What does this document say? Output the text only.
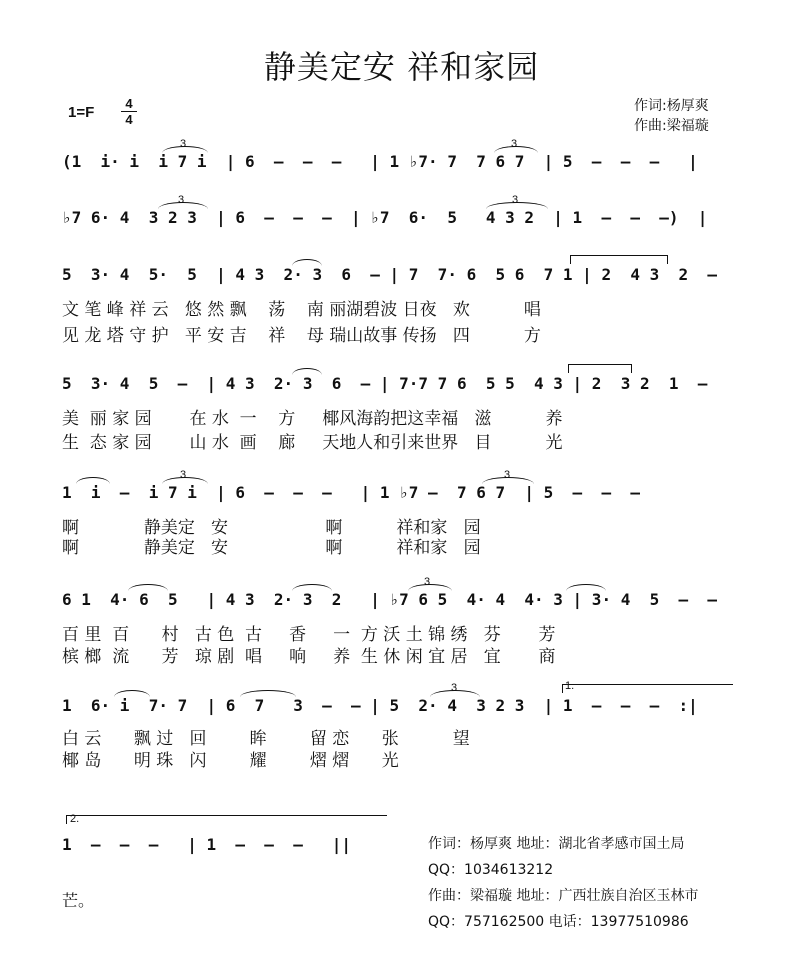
静美定安 祥和家园
1=F
4
4
作词:杨厚爽
作曲:梁福璇
(1  i· i  i 7 i  | 6  –  –  –   | 1 ♭7· 7  7 6 7  | 5  –  –  –   |
3	3
♭7 6· 4  3 2 3  | 6  –  –  –  | ♭7  6·  5   4 3 2  | 1  –  –  –)  |
3	3
5  3· 4  5·  5  | 4 3  2· 3  6  – | 7  7· 6  5 6  7 1 | 2  4 3  2  –
文 笔 峰 祥 云   悠 然 飘    荡    南 丽湖碧波 日夜   欢          唱
见 龙 塔 守 护   平 安 吉    祥    母 瑞山故事 传扬   四          方
5  3· 4  5  –  | 4 3  2· 3  6  – | 7·7 7 6  5 5  4 3 | 2  3 2  1  –
美  丽 家 园       在 水  一    方     椰风海韵把这幸福   滋          养
生  态 家 园       山 水  画    廊     天地人和引来世界   目          光
1  i  –  i 7 i  | 6  –  –  –   | 1 ♭7 –  7 6 7  | 5  –  –  –
3	3
啊            静美定   安                  啊          祥和家   园
啊            静美定   安                  啊          祥和家   园
6 1  4· 6  5   | 4 3  2· 3  2   | ♭7 6 5  4· 4  4· 3 | 3· 4  5  –  –
3
百 里  百      村   古 色  古     香     一  方 沃 土 锦 绣   芬       芳
槟 榔  流      芳   琼 剧  唱     响     养  生 休 闲 宜 居   宜       商
1  6· i  7· 7  | 6  7   3  –  – | 5  2· 4  3 2 3  | 1  –  –  –  :|
3	1.
白 云      飘 过   回        眸        留 恋      张          望
椰 岛      明 珠   闪        耀        熠 熠      光
1  –  –  –   | 1  –  –  –   ||
2.
芒。
作词：杨厚爽 地址：湖北省孝感市国土局
QQ：1034613212
作曲：梁福璇 地址：广西壮族自治区玉林市
QQ：757162500 电话：13977510986
